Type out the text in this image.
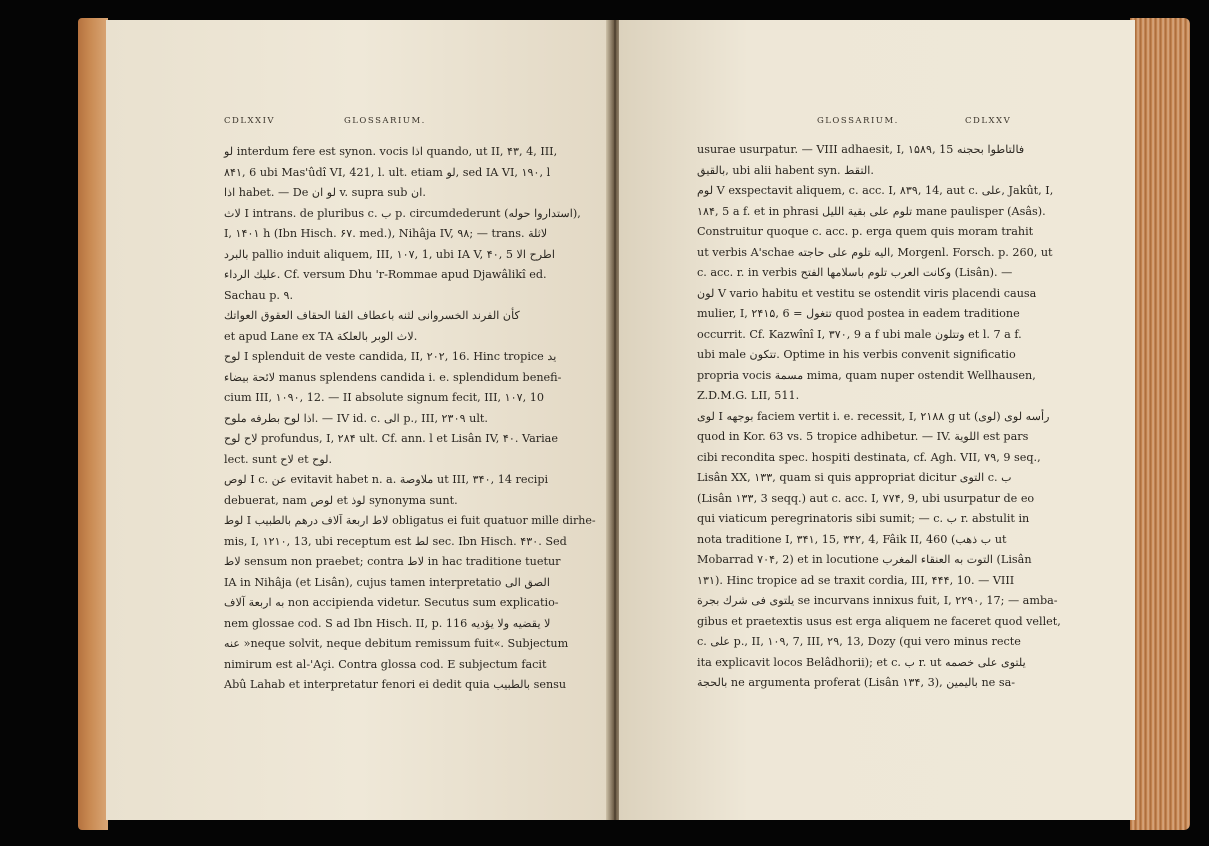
CDLXXIV	GLOSSARIUM.
لو interdum fere est synon. vocis اذا quando, ut II, ۴۳, 4, III,
۸۴۱, 6 ubi Mas'ûdî VI, 421, l. ult. etiam لو, sed IA VI, ۱۹۰, l
اذا habet. — De لو ان v. supra sub ان.
لاث I intrans. de pluribus c. ب p. circumdederunt (استداروا حوله),
I, ۱۴۰۱ h (Ibn Hisch. ۶۷. med.), Nihâja IV, ۹۸; — trans. لاثلة
بالبرد pallio induit aliquem, III, ۱۰۷, 1, ubi IA V, ۴۰, 5 اطرح الا
عليك الرداء. Cf. versum Dhu 'r-Rommae apud Djawâlikî ed.
Sachau p. ۹.
كأن الفرند الخسروانى لثنه باعطاف القنا الحقاف العقوق العواتك
et apud Lane ex TA لاث الوبر بالعلكة.
لوح I splenduit de veste candida, II, ۲۰۲, 16. Hinc tropice يد
لائحة بيضاء manus splendens candida i. e. splendidum benefi-
cium III, ۱۰۹۰, 12. — II absolute signum fecit, III, ۱۰۷, 10
اذا لوح بطرفه ملوح. — IV id. c. الى p., III, ۲۳۰۹ ult.
لاح لوح profundus, I, ۲۸۴ ult. Cf. ann. l et Lisân IV, ۴۰. Variae
lect. sunt لاح et لوح.
لوص I c. عن evitavit habet n. a. ملاوصة ut III, ۳۴۰, 14 recipi
debuerat, nam لوص et لوذ synonyma sunt.
لوط I لاط اربعة آلاف درهم بالطبيب obligatus ei fuit quatuor mille dirhe-
mis, I, ۱۲۱۰, 13, ubi receptum est لط sec. Ibn Hisch. ۴۳۰. Sed
لاط sensum non praebet; contra لاط in hac traditione tuetur
IA in Nihâja (et Lisân), cujus tamen interpretatio الصق الى
به اربعة آلاف non accipienda videtur. Secutus sum explicatio-
nem glossae cod. S ad Ibn Hisch. II, p. 116 لا يقضيه ولا يؤديه
عنه »neque solvit, neque debitum remissum fuit«. Subjectum
nimirum est al-'Açi. Contra glossa cod. E subjectum facit
Abû Lahab et interpretatur fenori ei dedit quia بالطبيب sensu
GLOSSARIUM.	CDLXXV
usurae usurpatur. — VIII adhaesit, I, ۱۵۸۹, 15 فالتاطوا بحجنه
بالقيق, ubi alii habent syn. التقط.
لوم V exspectavit aliquem, c. acc. I, ۸۳۹, 14, aut c. على, Jakût, I,
۱۸۴, 5 a f. et in phrasi تلوم على بقية الليل mane paulisper (Asâs).
Construitur quoque c. acc. p. erga quem quis moram trahit
ut verbis A'schae اليه تلوم على حاجته, Morgenl. Forsch. p. 260, ut
c. acc. r. in verbis وكانت العرب تلوم باسلامها الفتح (Lisân). —
لون V vario habitu et vestitu se ostendit viris placendi causa
mulier, I, ۲۴۱۵, 6 = تتغول quod postea in eadem traditione
occurrit. Cf. Kazwînî I, ۳۷۰, 9 a f ubi male وتتلون et l. 7 a f.
ubi male تتكون. Optime in his verbis convenit significatio
propria vocis مسمة mima, quam nuper ostendit Wellhausen,
Z.D.M.G. LII, 511.
لوى I بوجهه faciem vertit i. e. recessit, I, ۲۱۸۸ g ut رأسه لوى (لوى)
quod in Kor. 63 vs. 5 tropice adhibetur. — IV. اللوية est pars
cibi recondita spec. hospiti destinata, cf. Agh. VII, ۷۹, 9 seq.,
Lisân XX, ۱۳۳, quam si quis appropriat dicitur التوى c. ب
(Lisân ۱۳۳, 3 seqq.) aut c. acc. I, ۷۷۴, 9, ubi usurpatur de eo
qui viaticum peregrinatoris sibi sumit; — c. ب r. abstulit in
nota traditione I, ۳۴۱, 15, ۳۴۲, 4, Fâik II, 460 (ب ذهب ut
Mobarrad ۷۰۴, 2) et in locutione التوت به العنقاء المغرب (Lisân
۱۳۱). Hinc tropice ad se traxit cordia, III, ۴۴۴, 10. — VIII
يلتوى فى شرك بجرة se incurvans innixus fuit, I, ۲۲۹۰, 17; — amba-
gibus et praetextis usus est erga aliquem ne faceret quod vellet,
c. على p., II, ۱۰۹, 7, III, ۲۹, 13, Dozy (qui vero minus recte
ita explicavit locos Belâdhorii); et c. ب r. ut يلتوى على خصمه
بالحجة ne argumenta proferat (Lisân ۱۳۴, 3), باليمين ne sa-
